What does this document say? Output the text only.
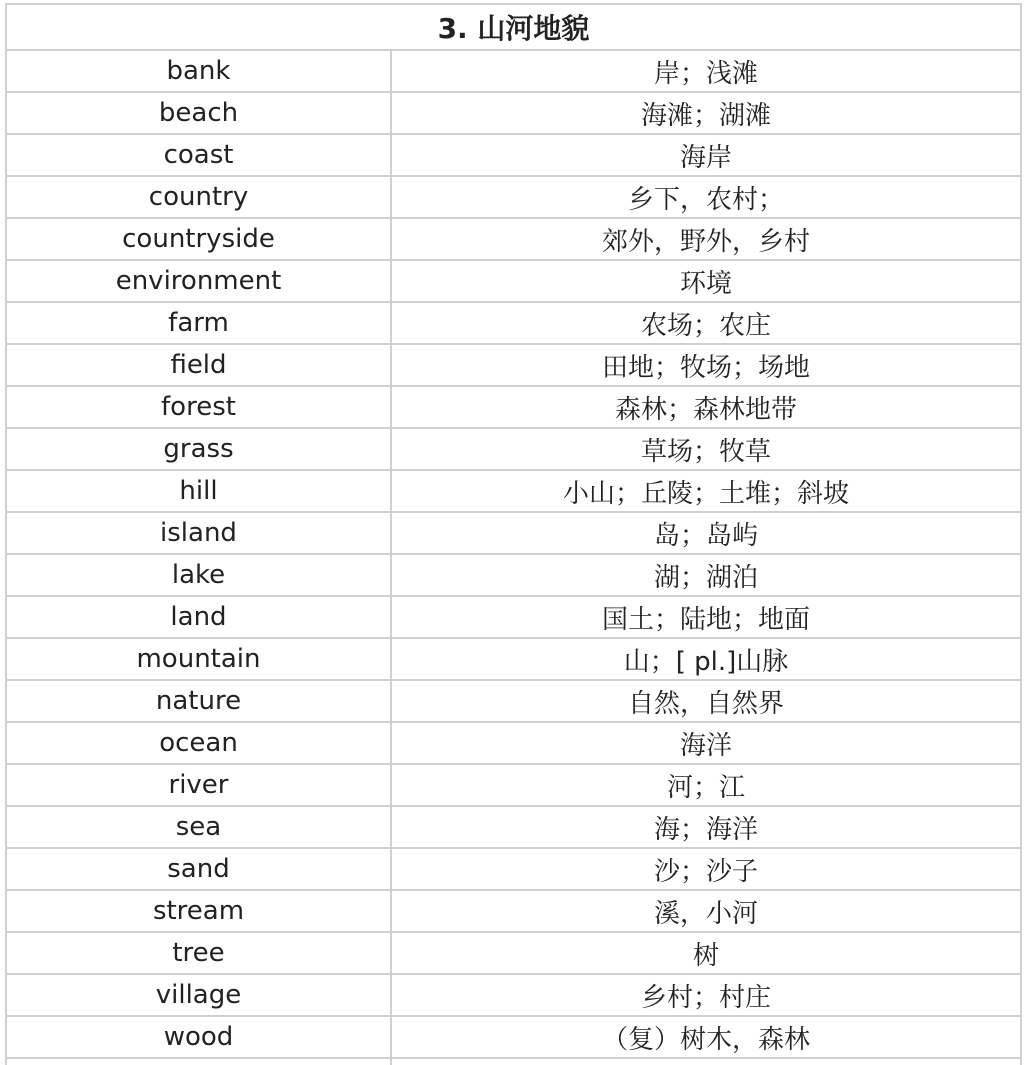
3. 山河地貌
bank	岸；浅滩
beach	海滩；湖滩
coast	海岸
country	乡下，农村；
countryside	郊外，野外，乡村
environment	环境
farm	农场；农庄
field	田地；牧场；场地
forest	森林；森林地带
grass	草场；牧草
hill	小山；丘陵；土堆；斜坡
island	岛；岛屿
lake	湖；湖泊
land	国土；陆地；地面
mountain	山；[ pl.]山脉
nature	自然，自然界
ocean	海洋
river	河；江
sea	海；海洋
sand	沙；沙子
stream	溪，小河
tree	树
village	乡村；村庄
wood	（复）树木，森林
